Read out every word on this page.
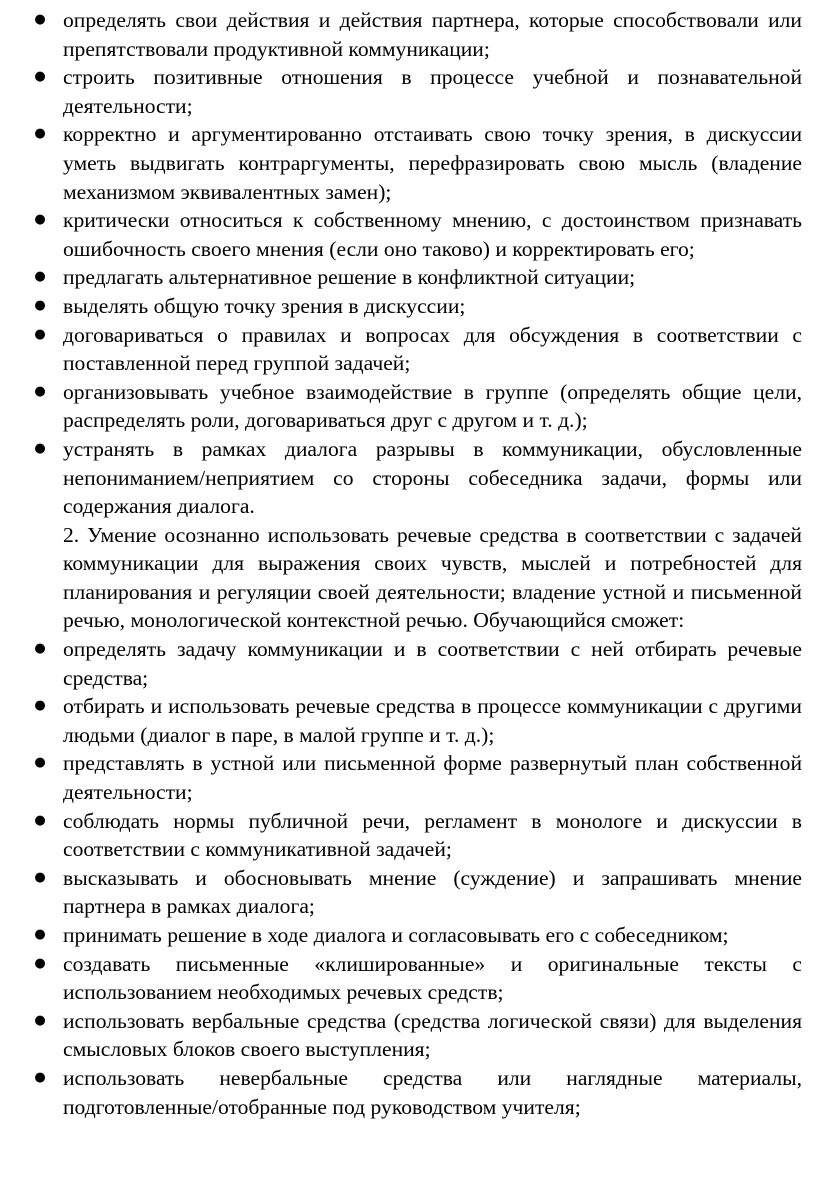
● определять свои действия и действия партнера, которые способствовали или препятствовали продуктивной коммуникации;
● строить позитивные отношения в процессе учебной и познавательной деятельности;
● корректно и аргументированно отстаивать свою точку зрения, в дискуссии уметь выдвигать контраргументы, перефразировать свою мысль (владение механизмом эквивалентных замен);
● критически относиться к собственному мнению, с достоинством признавать ошибочность своего мнения (если оно таково) и корректировать его;
● предлагать альтернативное решение в конфликтной ситуации;
● выделять общую точку зрения в дискуссии;
● договариваться о правилах и вопросах для обсуждения в соответствии с поставленной перед группой задачей;
● организовывать учебное взаимодействие в группе (определять общие цели, распределять роли, договариваться друг с другом и т. д.);
● устранять в рамках диалога разрывы в коммуникации, обусловленные непониманием/неприятием со стороны собеседника задачи, формы или содержания диалога.

2. Умение осознанно использовать речевые средства в соответствии с задачей коммуникации для выражения своих чувств, мыслей и потребностей для планирования и регуляции своей деятельности; владение устной и письменной речью, монологической контекстной речью. Обучающийся сможет:

● определять задачу коммуникации и в соответствии с ней отбирать речевые средства;
● отбирать и использовать речевые средства в процессе коммуникации с другими людьми (диалог в паре, в малой группе и т. д.);
● представлять в устной или письменной форме развернутый план собственной деятельности;
● соблюдать нормы публичной речи, регламент в монологе и дискуссии в соответствии с коммуникативной задачей;
● высказывать и обосновывать мнение (суждение) и запрашивать мнение партнера в рамках диалога;
● принимать решение в ходе диалога и согласовывать его с собеседником;
● создавать письменные «клишированные» и оригинальные тексты с использованием необходимых речевых средств;
● использовать вербальные средства (средства логической связи) для выделения смысловых блоков своего выступления;
● использовать невербальные средства или наглядные материалы, подготовленные/отобранные под руководством учителя;
